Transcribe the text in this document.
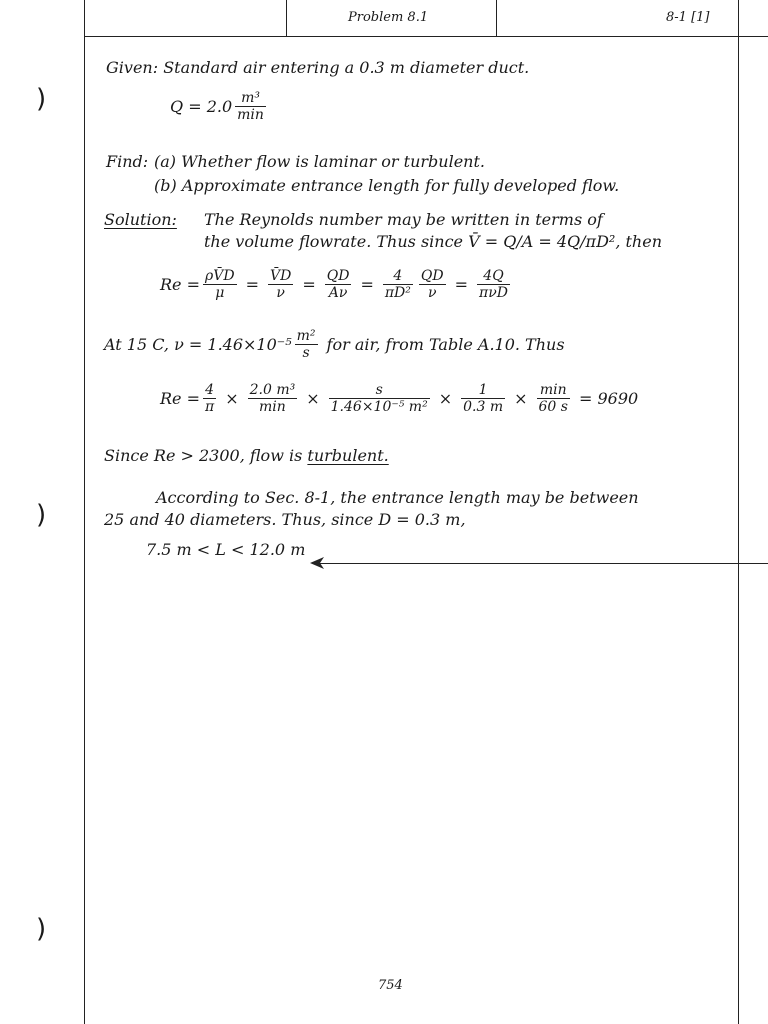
)
)
)
Problem 8.1	8-1 [1]
Given: Standard air entering a 0.3 m diameter duct.
$Q = 2.0 \frac{\text{m³}}{\min}$
Find: (a) Whether flow is laminar or turbulent.
(b) Approximate entrance length for fully developed flow.
Solution: The Reynolds number may be written in terms of
the volume flowrate. Thus since V̄ = Q/A = 4Q/πD², then
$Re = \frac{\rho V̄D}{\mu} = \frac{V̄D}{\nu} = \frac{QD}{A\nu} = \frac{4}{\text{πD²}} \frac{QD}{\nu} = \frac{4Q}{\text{πνD}}$
At 15 C, $\nu = 1.46\times 10^{-5} \frac{\text{m²}}{s}$ for air, from Table A.10. Thus
$Re = \frac{4}{\pi} \times \frac{\text{2.0 m³}}{\min} \times \frac{s}{\text{1.46×10⁻⁵ m²}} \times \frac{1}{0.3 m} \times \frac{\min}{60 s} = 9690$
Since Re > 2300, flow is turbulent.
According to Sec. 8-1, the entrance length may be between
25 and 40 diameters. Thus, since D = 0.3 m,
7.5 m < L < 12.0 m
754
